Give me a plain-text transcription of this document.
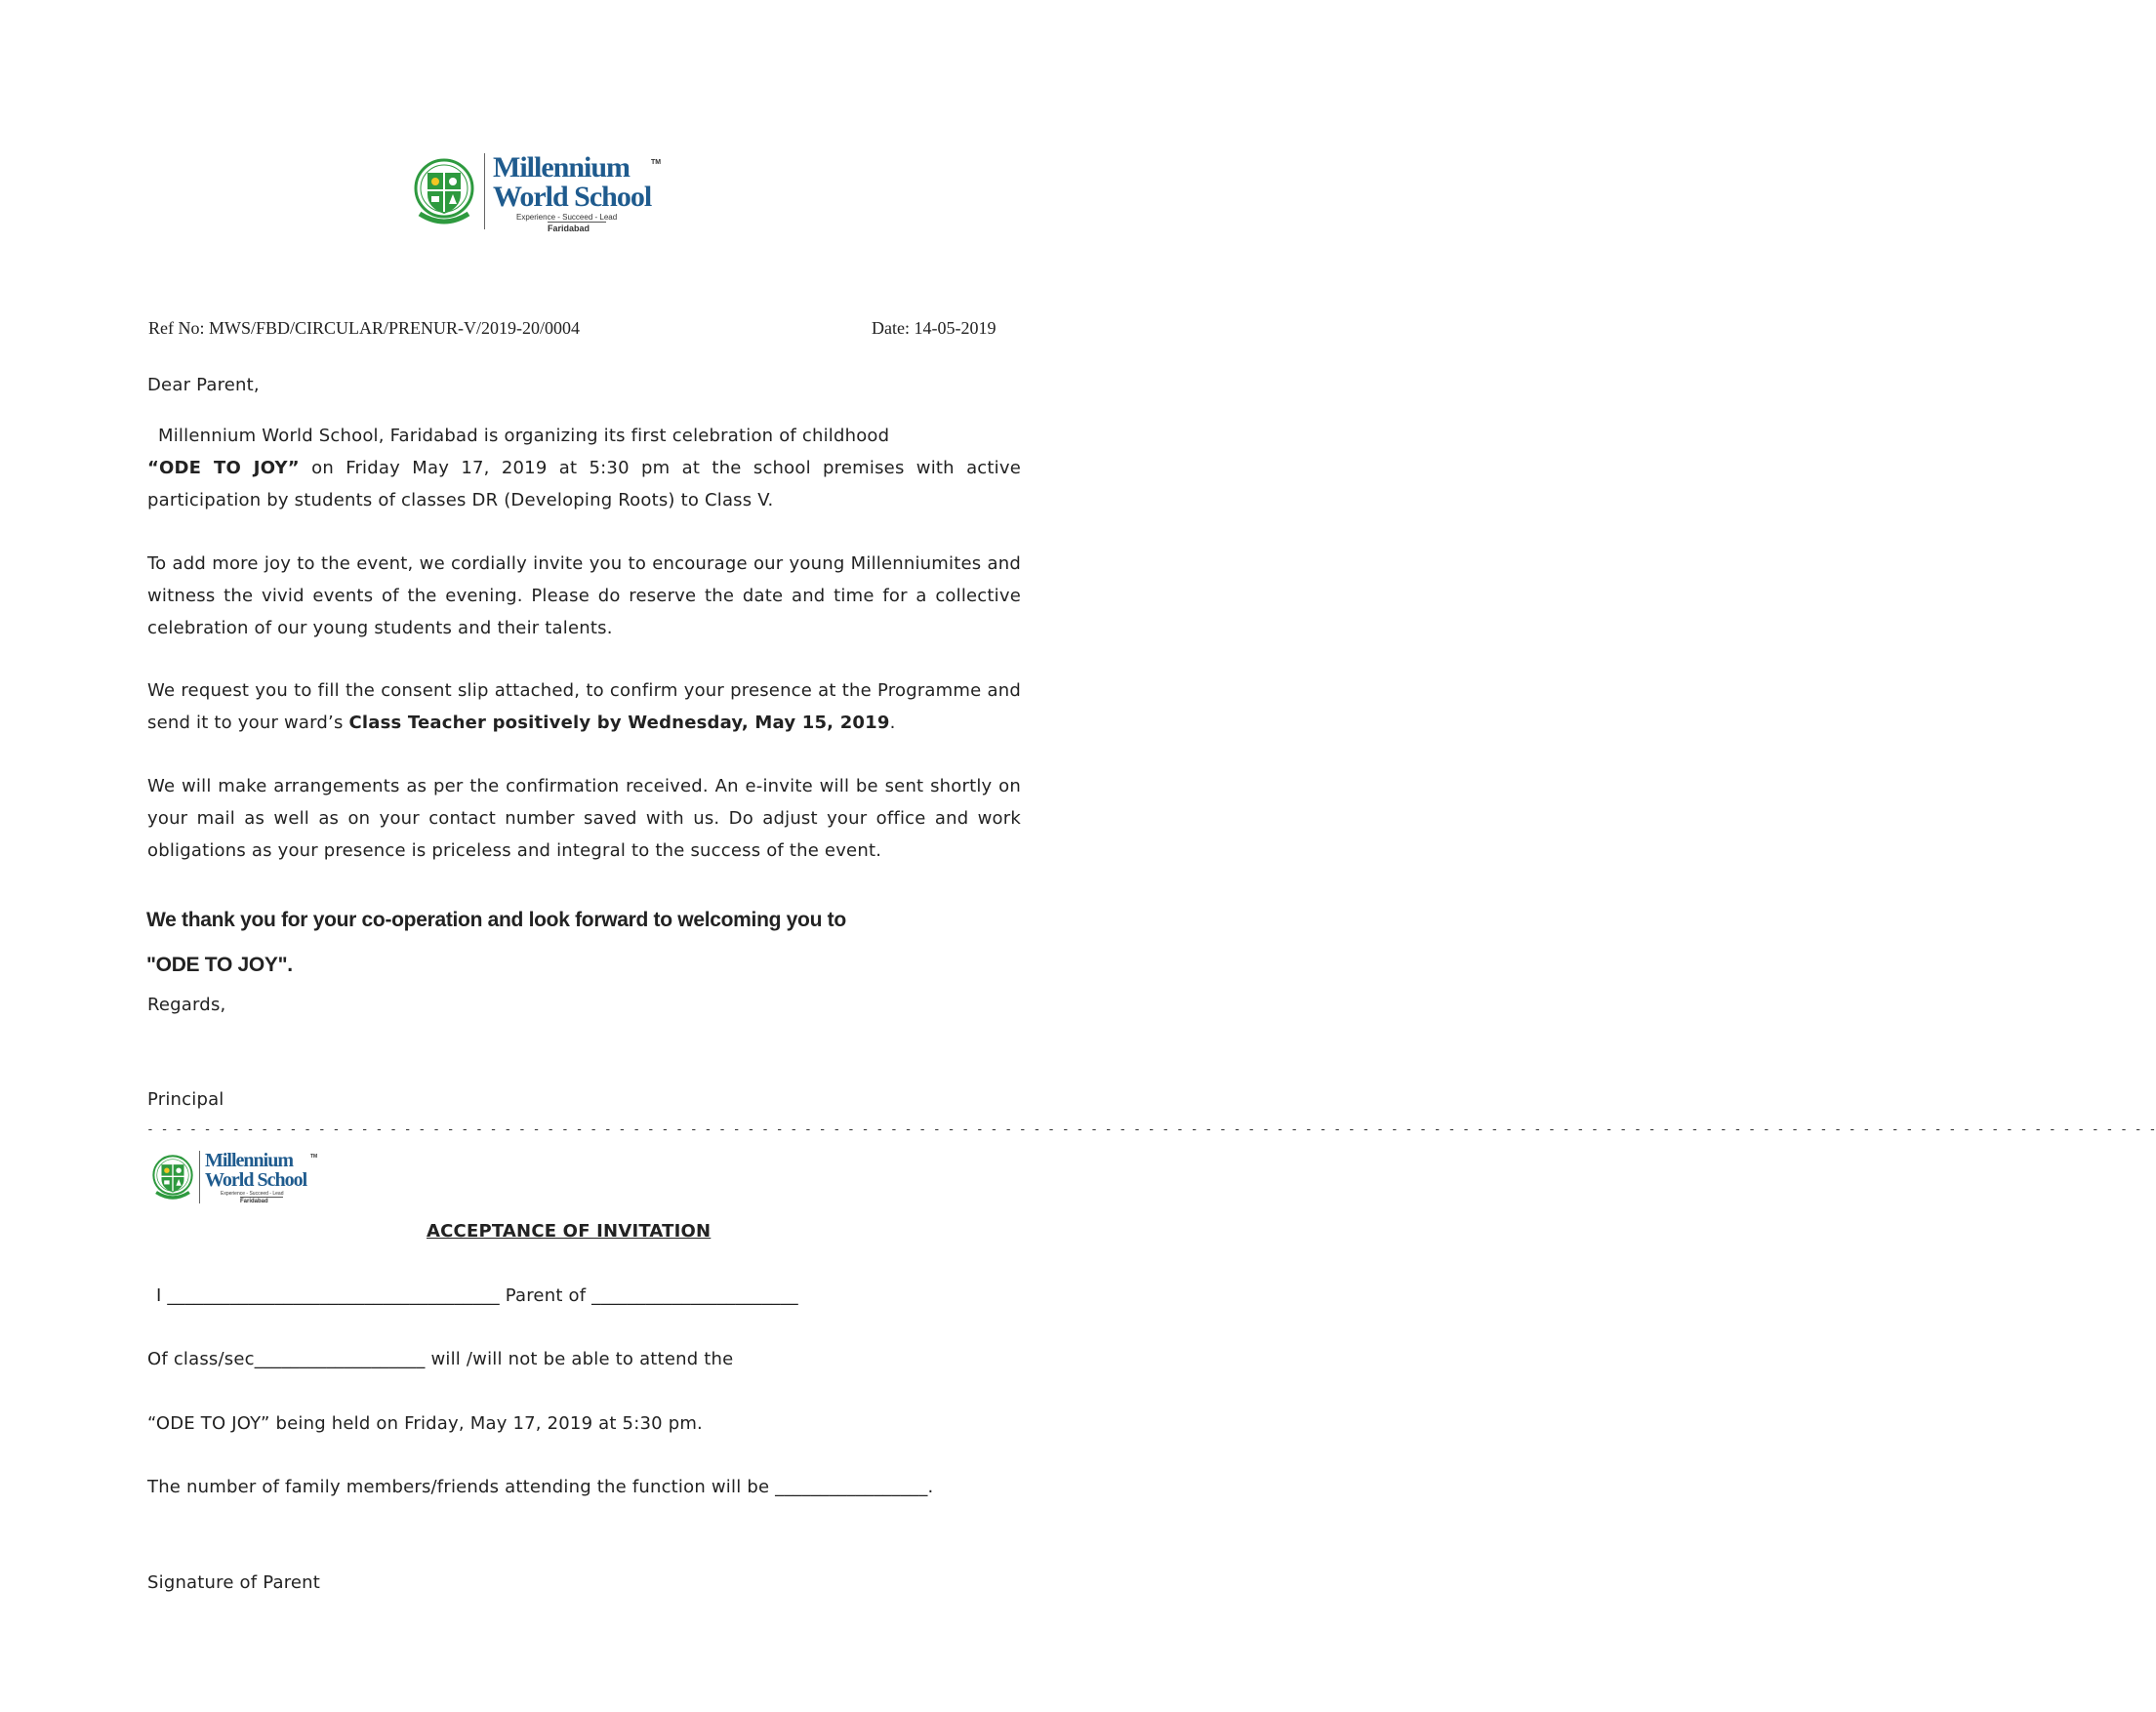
Millennium	TM
World School
Experience - Succeed - Lead
Faridabad
Ref No: MWS/FBD/CIRCULAR/PRENUR-V/2019-20/0004	Date: 14-05-2019
Dear Parent,
Millennium World School, Faridabad is organizing its first celebration of childhood
“ODE TO JOY” on Friday May 17, 2019 at 5:30 pm at the school premises with active participation by students of classes DR (Developing Roots) to Class V.
To add more joy to the event, we cordially invite you to encourage our young Millenniumites and witness the vivid events of the evening. Please do reserve the date and time for a collective celebration of our young students and their talents.
We request you to fill the consent slip attached, to confirm your presence at the Programme and send it to your ward’s Class Teacher positively by Wednesday, May 15, 2019.
We will make arrangements as per the confirmation received. An e-invite will be sent shortly on your mail as well as on your contact number saved with us. Do adjust your office and work obligations as your presence is priceless and integral to the success of the event.
We thank you for your co-operation and look forward to welcoming you to
"ODE TO JOY".
Regards,
Principal
- - - - - - - - - - - - - - - - - - - - - - - - - - - - - - - - - - - - - - - - - - - - - - - - - - - - - - - - - - - - - - - - - - - - - - - - - - - - - - - - - - - - - - - - - - - - - - - - - - - - - - - - - - - - - - - - - - - - - - - - - - - - - - - - - - - - - - - - - - - - -
Millennium	TM
World School
Experience - Succeed - Lead
Faridabad
ACCEPTANCE OF INVITATION
I _____________________________________ Parent of _______________________
Of class/sec___________________ will /will not be able to attend the
“ODE TO JOY” being held on Friday, May 17, 2019 at 5:30 pm.
The number of family members/friends attending the function will be _________________.
Signature of Parent
